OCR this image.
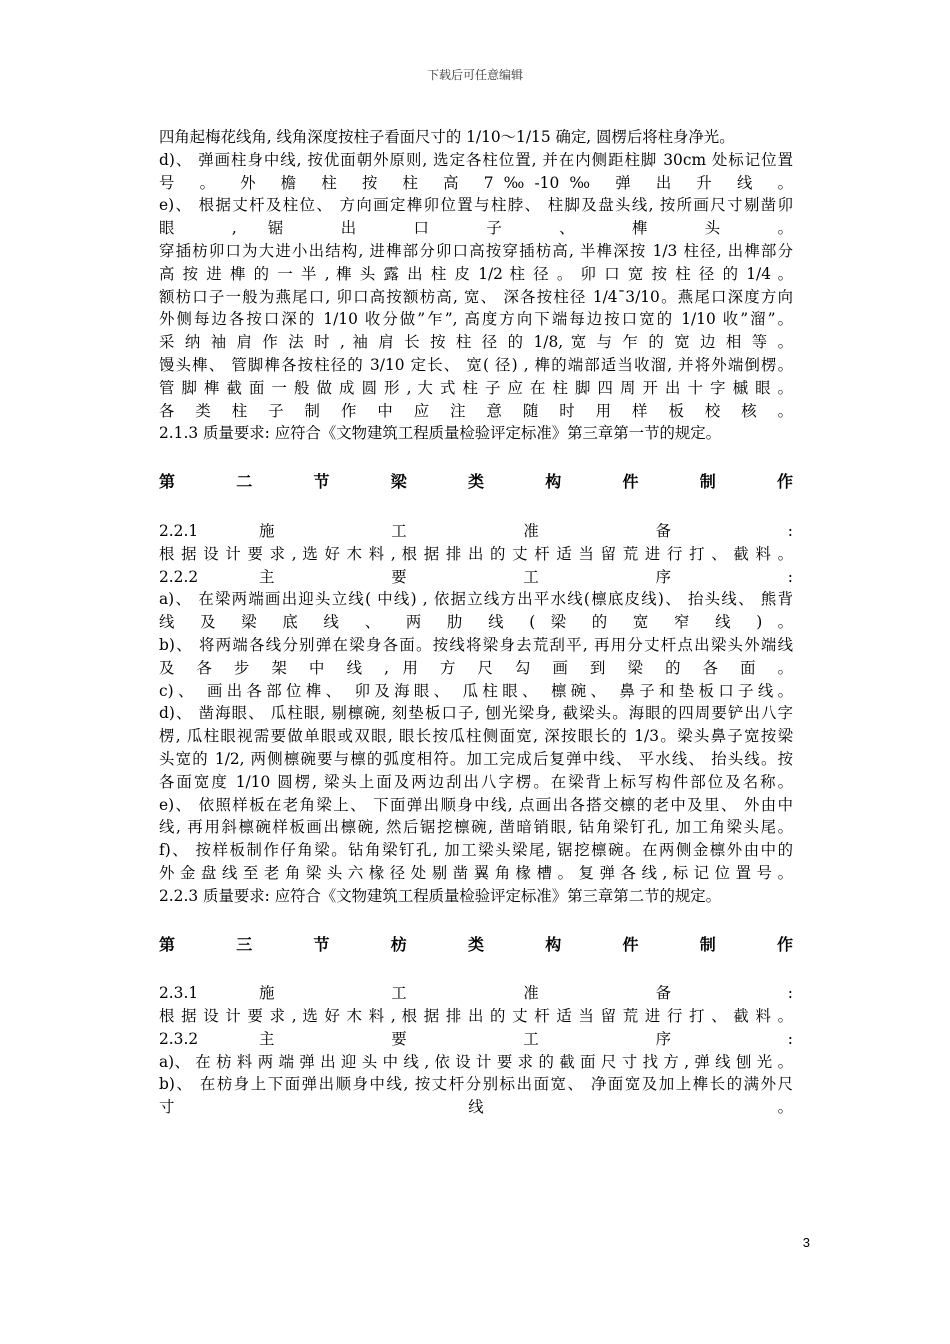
下载后可任意编辑
四角起梅花线角, 线角深度按柱子看面尺寸的 1/10～1/15 确定, 圆楞后将柱身净光。
d)、 弹画柱身中线, 按优面朝外原则, 选定各柱位置, 并在内侧距柱脚 30cm 处标记位置
号 。 外 檐 柱 按 柱 高 7‰-10‰ 弹 出 升 线 。
e)、 根据丈杆及柱位、 方向画定榫卯位置与柱脖、 柱脚及盘头线, 按所画尺寸剔凿卯
眼 , 锯 出 口 子 、 榫 头 。
穿插枋卯口为大进小出结构, 进榫部分卯口高按穿插枋高, 半榫深按 1/3 柱径, 出榫部分
高 按 进 榫 的 一 半 , 榫 头 露 出 柱 皮 1/2 柱 径 。 卯 口 宽 按 柱 径 的 1/4 。
额枋口子一般为燕尾口, 卯口高按额枋高, 宽、 深各按柱径 1/4¯3/10。燕尾口深度方向
外侧每边各按口深的 1/10 收分做”乍”, 高度方向下端每边按口宽的 1/10 收”溜”。
采 纳 袖 肩 作 法 时 , 袖 肩 长 按 柱 径 的 1/8, 宽 与 乍 的 宽 边 相 等 。
馒头榫、 管脚榫各按柱径的 3/10 定长、 宽( 径) , 榫的端部适当收溜, 并将外端倒楞。
管 脚 榫 截 面 一 般 做 成 圆 形 , 大 式 柱 子 应 在 柱 脚 四 周 开 出 十 字 槭 眼 。
各 类 柱 子 制 作 中 应 注 意 随 时 用 样 板 校 核 。
2.1.3 质量要求: 应符合《文物建筑工程质量检验评定标准》第三章第一节的规定。
第 二 节 梁 类 构 件 制 作
2.2.1 施 工 准 备 :
根 据 设 计 要 求 , 选 好 木 料 , 根 据 排 出 的 丈 杆 适 当 留 荒 进 行 打 、 截 料 。
2.2.2 主 要 工 序 :
a)、 在梁两端画出迎头立线( 中线) , 依据立线方出平水线(檩底皮线)、 抬头线、 熊背
线 及 梁 底 线 、 两 肋 线 ( 梁 的 宽 窄 线 ) 。
b)、 将两端各线分别弹在梁身各面。按线将梁身去荒刮平, 再用分丈杆点出梁头外端线
及 各 步 架 中 线 , 用 方 尺 勾 画 到 梁 的 各 面 。
c)、 画出各部位榫、 卯及海眼、 瓜柱眼、 檩碗、 鼻子和垫板口子线。
d)、 凿海眼、 瓜柱眼, 剔檩碗, 刻垫板口子, 刨光梁身, 截梁头。海眼的四周要铲出八字
楞, 瓜柱眼视需要做单眼或双眼, 眼长按瓜柱侧面宽, 深按眼长的 1/3。梁头鼻子宽按梁
头宽的 1/2, 两侧檩碗要与檩的弧度相符。加工完成后复弹中线、 平水线、 抬头线。按
各面宽度 1/10 圆楞, 梁头上面及两边刮出八字楞。在梁背上标写构件部位及名称。
e)、 依照样板在老角梁上、 下面弹出顺身中线, 点画出各搭交檩的老中及里、 外由中
线, 再用斜檩碗样板画出檩碗, 然后锯挖檩碗, 凿暗销眼, 钻角梁钉孔, 加工角梁头尾。
f)、 按样板制作仔角梁。钻角梁钉孔, 加工梁头梁尾, 锯挖檩碗。在两侧金檩外由中的
外 金 盘 线 至 老 角 梁 头 六 椽 径 处 剔 凿 翼 角 椽 槽 。 复 弹 各 线 , 标 记 位 置 号 。
2.2.3 质量要求: 应符合《文物建筑工程质量检验评定标准》第三章第二节的规定。
第 三 节 枋 类 构 件 制 作
2.3.1 施 工 准 备 :
根 据 设 计 要 求 , 选 好 木 料 , 根 据 排 出 的 丈 杆 适 当 留 荒 进 行 打 、 截 料 。
2.3.2 主 要 工 序 :
a)、 在 枋 料 两 端 弹 出 迎 头 中 线 , 依 设 计 要 求 的 截 面 尺 寸 找 方 , 弹 线 刨 光 。
b)、 在枋身上下面弹出顺身中线, 按丈杆分别标出面宽、 净面宽及加上榫长的满外尺
寸 线 。
3
